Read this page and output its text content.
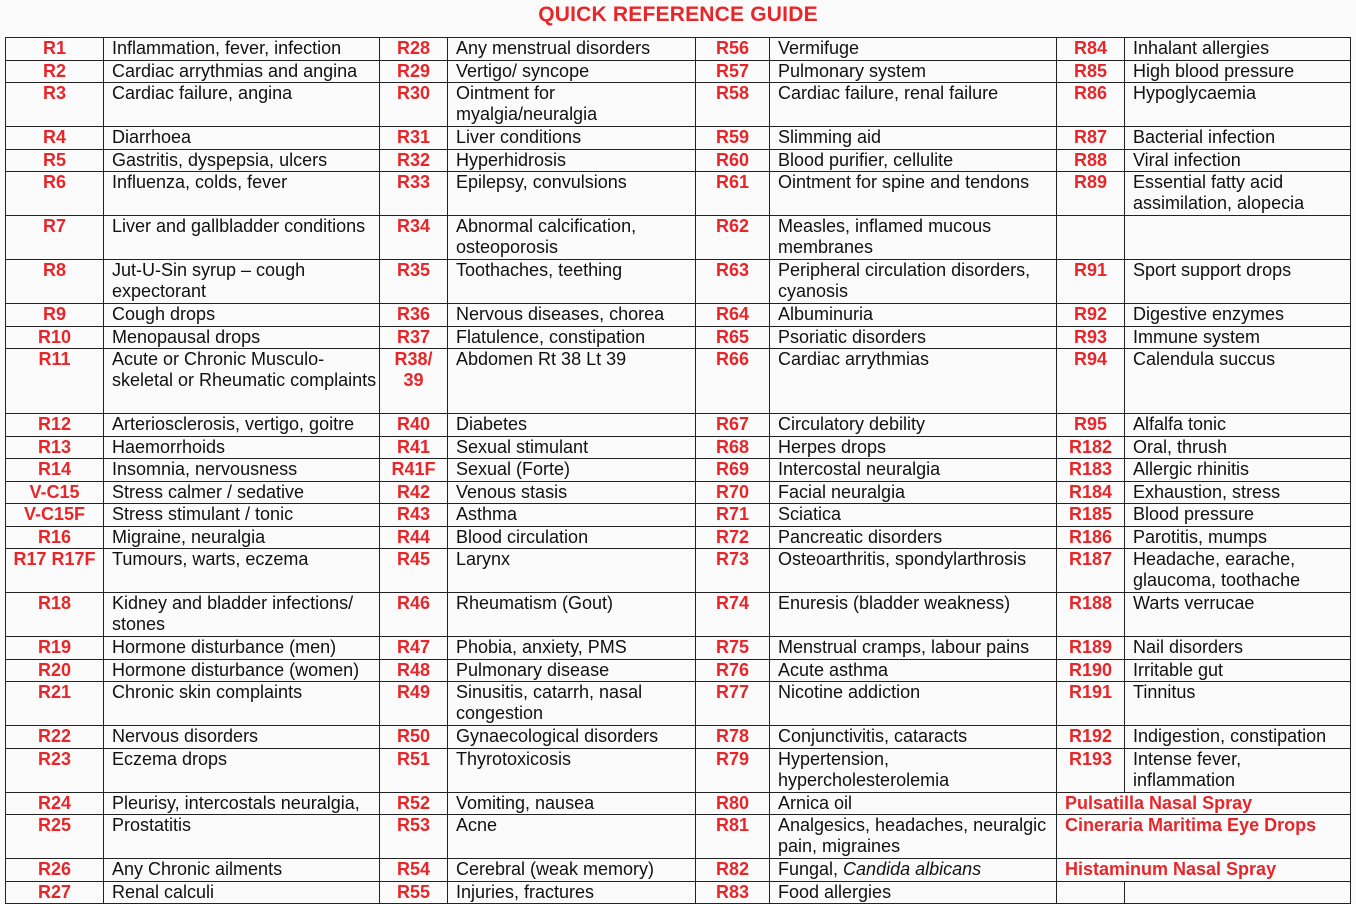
QUICK REFERENCE GUIDE
R1	Inflammation, fever, infection	R28	Any menstrual disorders	R56	Vermifuge	R84	Inhalant allergies
R2	Cardiac arrythmias and angina	R29	Vertigo/ syncope	R57	Pulmonary system	R85	High blood pressure
R3	Cardiac failure, angina	R30	Ointment for myalgia/neuralgia	R58	Cardiac failure, renal failure	R86	Hypoglycaemia
R4	Diarrhoea	R31	Liver conditions	R59	Slimming aid	R87	Bacterial infection
R5	Gastritis, dyspepsia, ulcers	R32	Hyperhidrosis	R60	Blood purifier, cellulite	R88	Viral infection
R6	Influenza, colds, fever	R33	Epilepsy, convulsions	R61	Ointment for spine and tendons	R89	Essential fatty acid assimilation, alopecia
R7	Liver and gallbladder conditions	R34	Abnormal calcification, osteoporosis	R62	Measles, inflamed mucous membranes		
R8	Jut-U-Sin syrup – cough expectorant	R35	Toothaches, teething	R63	Peripheral circulation disorders, cyanosis	R91	Sport support drops
R9	Cough drops	R36	Nervous diseases, chorea	R64	Albuminuria	R92	Digestive enzymes
R10	Menopausal drops	R37	Flatulence, constipation	R65	Psoriatic disorders	R93	Immune system
R11	Acute or Chronic Musculo-skeletal or Rheumatic complaints	R38/ 39	Abdomen Rt 38 Lt 39	R66	Cardiac arrythmias	R94	Calendula succus
R12	Arteriosclerosis, vertigo, goitre	R40	Diabetes	R67	Circulatory debility	R95	Alfalfa tonic
R13	Haemorrhoids	R41	Sexual stimulant	R68	Herpes drops	R182	Oral, thrush
R14	Insomnia, nervousness	R41F	Sexual (Forte)	R69	Intercostal neuralgia	R183	Allergic rhinitis
V-C15	Stress calmer / sedative	R42	Venous stasis	R70	Facial neuralgia	R184	Exhaustion, stress
V-C15F	Stress stimulant / tonic	R43	Asthma	R71	Sciatica	R185	Blood pressure
R16	Migraine, neuralgia	R44	Blood circulation	R72	Pancreatic disorders	R186	Parotitis, mumps
R17 R17F	Tumours, warts, eczema	R45	Larynx	R73	Osteoarthritis, spondylarthrosis	R187	Headache, earache, glaucoma, toothache
R18	Kidney and bladder infections/ stones	R46	Rheumatism (Gout)	R74	Enuresis (bladder weakness)	R188	Warts verrucae
R19	Hormone disturbance (men)	R47	Phobia, anxiety, PMS	R75	Menstrual cramps, labour pains	R189	Nail disorders
R20	Hormone disturbance (women)	R48	Pulmonary disease	R76	Acute asthma	R190	Irritable gut
R21	Chronic skin complaints	R49	Sinusitis, catarrh, nasal congestion	R77	Nicotine addiction	R191	Tinnitus
R22	Nervous disorders	R50	Gynaecological disorders	R78	Conjunctivitis, cataracts	R192	Indigestion, constipation
R23	Eczema drops	R51	Thyrotoxicosis	R79	Hypertension, hypercholesterolemia	R193	Intense fever, inflammation
R24	Pleurisy, intercostals neuralgia,	R52	Vomiting, nausea	R80	Arnica oil	Pulsatilla Nasal Spray	
R25	Prostatitis	R53	Acne	R81	Analgesics, headaches, neuralgic pain, migraines	Cineraria Maritima Eye Drops	
R26	Any Chronic ailments	R54	Cerebral (weak memory)	R82	Fungal, Candida albicans	Histaminum Nasal Spray	
R27	Renal calculi	R55	Injuries, fractures	R83	Food allergies		
